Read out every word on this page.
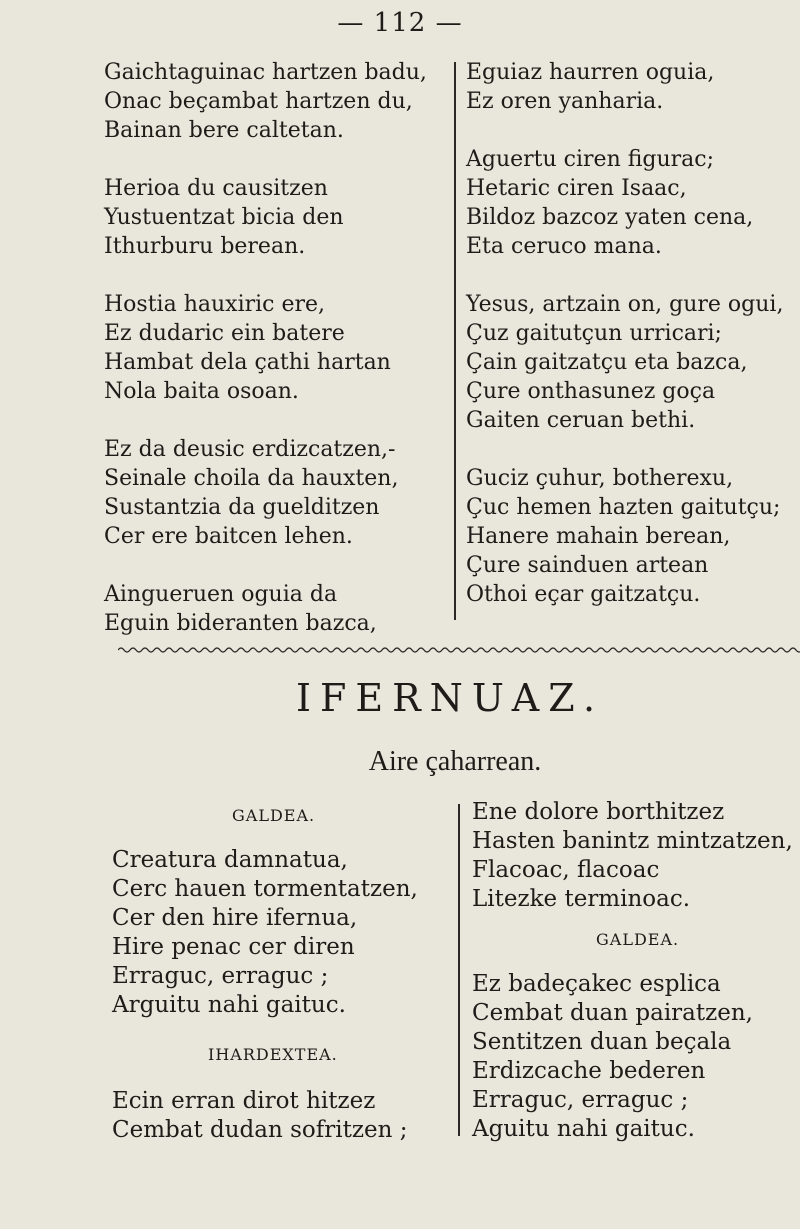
— 112 —
Gaichtaguinac hartzen badu,
Onac beçambat hartzen du,
Bainan bere caltetan.
Herioa du causitzen
Yustuentzat bicia den
Ithurburu berean.
Hostia hauxiric ere,
Ez dudaric ein batere
Hambat dela çathi hartan
Nola baita osoan.
Ez da deusic erdizcatzen,-
Seinale choila da hauxten,
Sustantzia da guelditzen
Cer ere baitcen lehen.
Ainguеruen oguia da
Eguin bideranten bazca,
Eguiaz haurren oguia,
Ez oren yanharia.
Aguertu ciren figurac;
Hetaric ciren Isaac,
Bildoz bazcoz yaten cena,
Eta ceruco mana.
Yesus, artzain on, gure ogui,
Çuz gaitutçun urricari;
Çain gaitzatçu eta bazca,
Çure onthasunez goça
Gaiten ceruan bethi.
Guciz çuhur, botherexu,
Çuc hemen hazten gaitutçu;
Hanere mahain berean,
Çure sainduen artean
Othoi eçar gaitzatçu.
IFERNUAZ.
Aire çaharrean.
GALDEA.
Creatura damnatua,
Cerc hauen tormentatzen,
Cer den hire ifernua,
Hire penac cer diren
Erraguc, erraguc ;
Arguitu nahi gaituc.
IHARDEXTEA.
Ecin erran dirot hitzez
Cembat dudan sofritzen ;
Ene dolore borthitzez
Hasten banintz mintzatzen,
Flacoac, flacoac
Litezke terminoac.
GALDEA.
Ez badeçakec esplica
Cembat duan pairatzen,
Sentitzen duan beçala
Erdizcache bederen
Erraguc, erraguc ;
Aguitu nahi gaituc.
